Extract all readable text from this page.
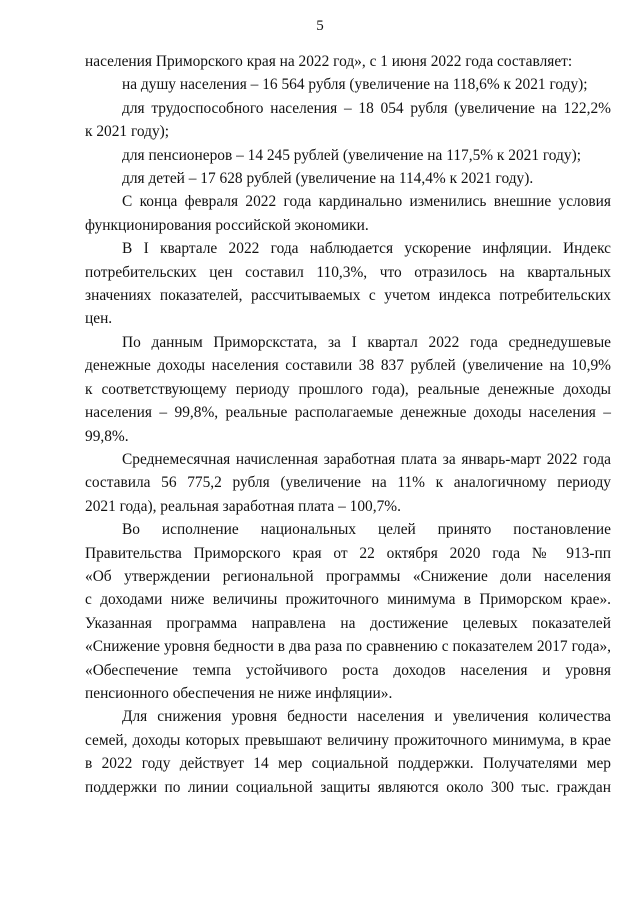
5

населения Приморского края на 2022 год», с 1 июня 2022 года составляет:

на душу населения – 16 564 рубля (увеличение на 118,6% к 2021 году);

для трудоспособного населения – 18 054 рубля (увеличение на 122,2%

к 2021 году);

для пенсионеров – 14 245 рублей (увеличение на 117,5% к 2021 году);

для детей – 17 628 рублей (увеличение на 114,4% к 2021 году).

С конца февраля 2022 года кардинально изменились внешние условия

функционирования российской экономики.

В I квартале 2022 года наблюдается ускорение инфляции. Индекс

потребительских цен составил 110,3%, что отразилось на квартальных

значениях показателей, рассчитываемых с учетом индекса потребительских

цен.

По данным Приморскстата, за I квартал 2022 года среднедушевые

денежные доходы населения составили 38 837 рублей (увеличение на 10,9%

к соответствующему периоду прошлого года), реальные денежные доходы

населения – 99,8%, реальные располагаемые денежные доходы населения –

99,8%.

Среднемесячная начисленная заработная плата за январь-март 2022 года

составила 56 775,2 рубля (увеличение на 11% к аналогичному периоду

2021 года), реальная заработная плата – 100,7%.

Во исполнение национальных целей принято постановление

Правительства Приморского края от 22 октября 2020 года № 913-пп

«Об утверждении региональной программы «Снижение доли населения

с доходами ниже величины прожиточного минимума в Приморском крае».

Указанная программа направлена на достижение целевых показателей

«Снижение уровня бедности в два раза по сравнению с показателем 2017 года»,

«Обеспечение темпа устойчивого роста доходов населения и уровня

пенсионного обеспечения не ниже инфляции».

Для снижения уровня бедности населения и увеличения количества

семей, доходы которых превышают величину прожиточного минимума, в крае

в 2022 году действует 14 мер социальной поддержки. Получателями мер

поддержки по линии социальной защиты являются около 300 тыс. граждан
